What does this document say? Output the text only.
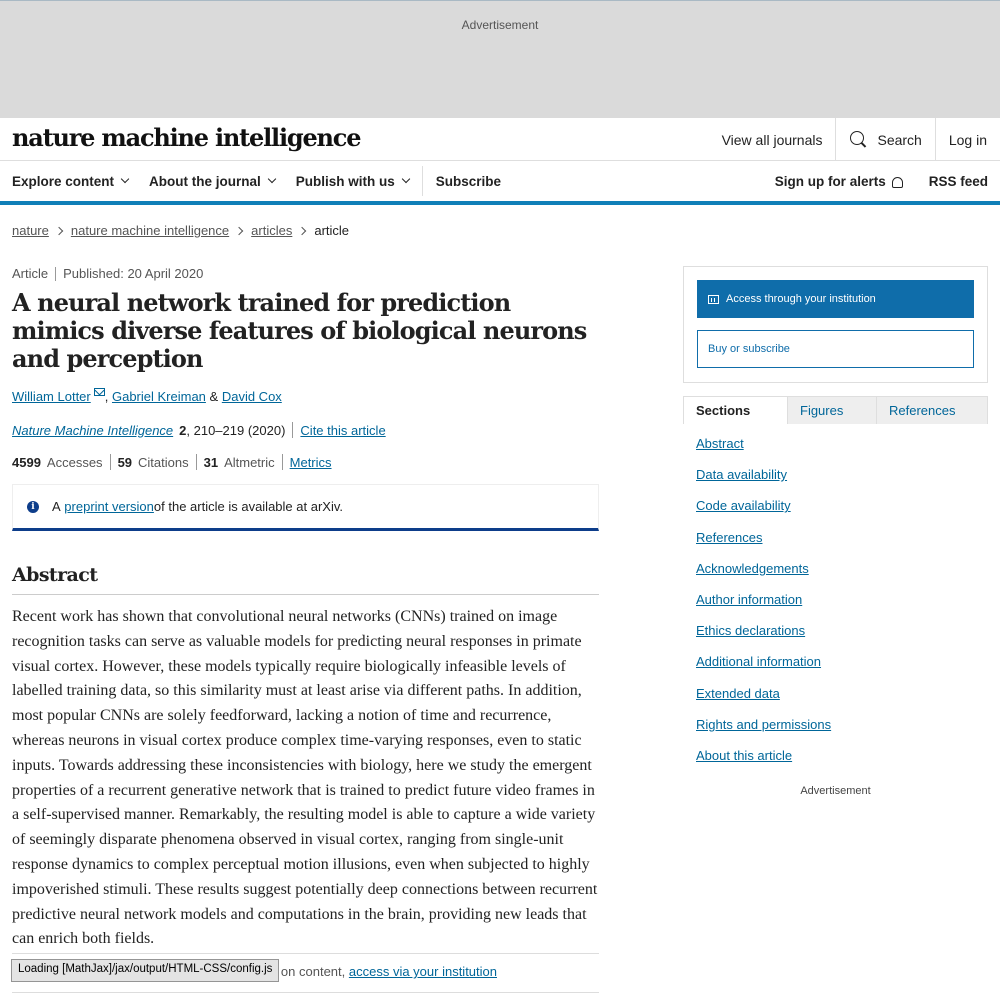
Advertisement
nature machine intelligence	View all journals	Search	Log in
Explore content	About the journal	Publish with us	Subscribe	Sign up for alerts	RSS feed
nature nature machine intelligence articles article
Article Published: 20 April 2020
A neural network trained for prediction mimics diverse features of biological neurons and perception
William Lotter , Gabriel Kreiman & David Cox
Nature Machine Intelligence 2 , 210–219 (2020) Cite this article
4599 Accesses 59 Citations 31 Altmetric Metrics
i	A
preprint version of the article is available at arXiv.
Abstract

Recent work has shown that convolutional neural networks (CNNs) trained on image recognition tasks can serve as valuable models for predicting neural responses in primate visual cortex. However, these models typically require biologically infeasible levels of labelled training data, so this similarity must at least arise via different paths. In addition, most popular CNNs are solely feedforward, lacking a notion of time and recurrence, whereas neurons in visual cortex produce complex time-varying responses, even to static inputs. Towards addressing these inconsistencies with biology, here we study the emergent properties of a recurrent generative network that is trained to predict future video frames in a self-supervised manner. Remarkably, the resulting model is able to capture a wide variety of seemingly disparate phenomena observed in visual cortex, ranging from single-unit response dynamics to complex perceptual motion illusions, even when subjected to highly impoverished stimuli. These results suggest potentially deep connections between recurrent predictive neural network models and computations in the brain, providing new leads that can enrich both fields.

on content, access via your institution
Loading [MathJax]/jax/output/HTML-CSS/config.js
Access through your institution
Buy or subscribe
Sections	Figures	References
Abstract
Data availability
Code availability
References
Acknowledgements
Author information
Ethics declarations
Additional information
Extended data
Rights and permissions
About this article
Advertisement
